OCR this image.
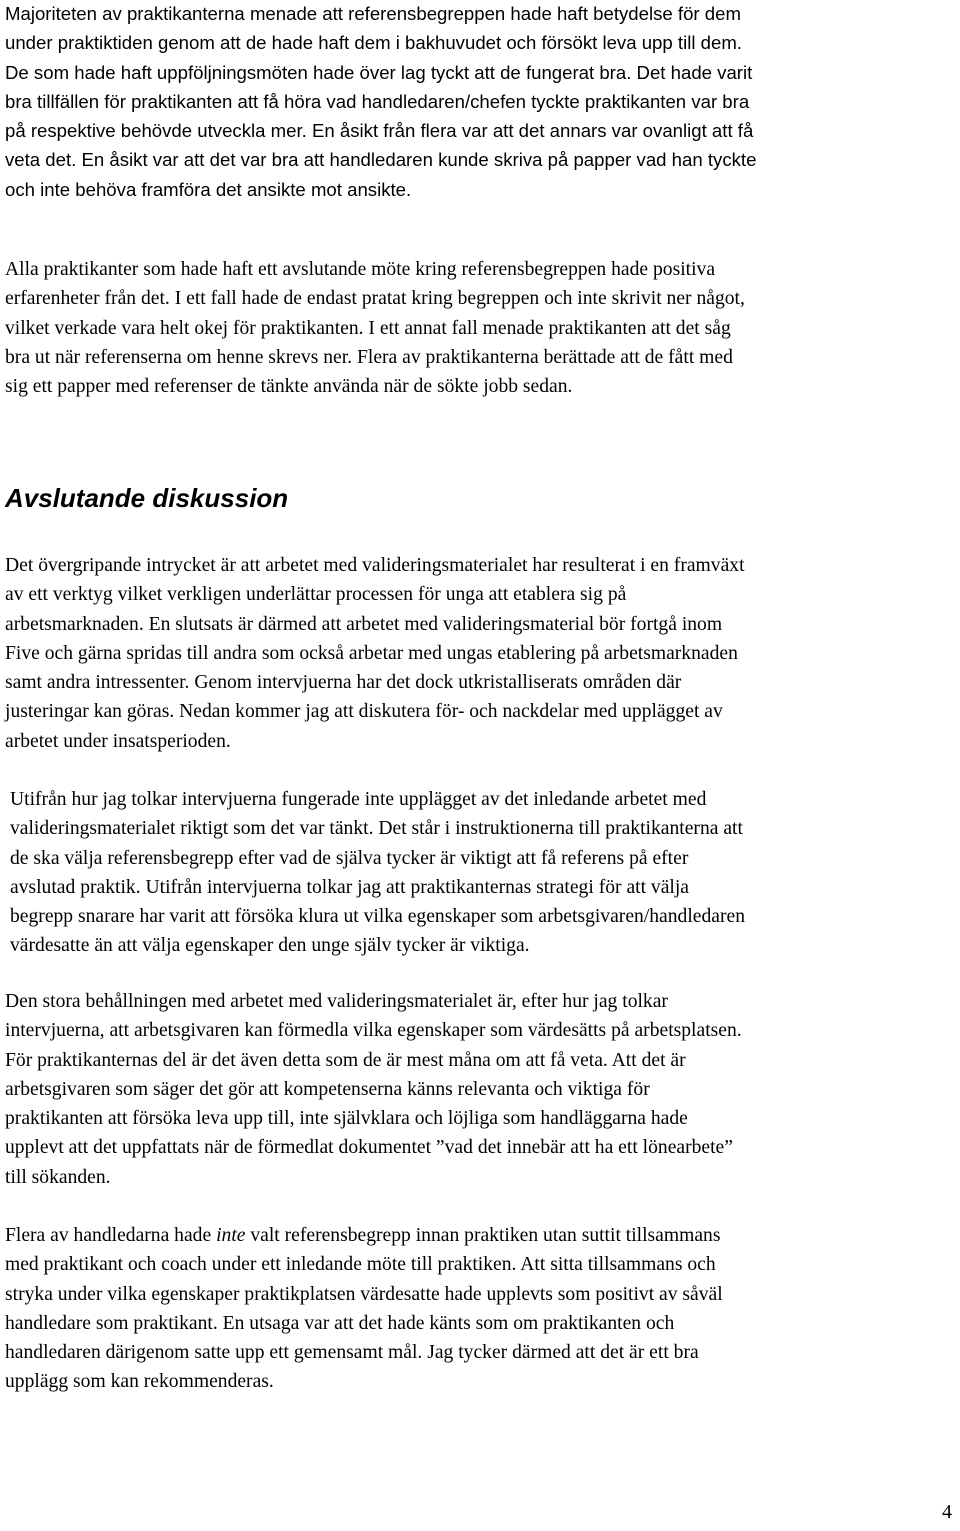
Majoriteten av praktikanterna menade att referensbegreppen hade haft betydelse för dem
under praktiktiden genom att de hade haft dem i bakhuvudet och försökt leva upp till dem.
De som hade haft uppföljningsmöten hade över lag tyckt att de fungerat bra. Det hade varit
bra tillfällen för praktikanten att få höra vad handledaren/chefen tyckte praktikanten var bra
på respektive behövde utveckla mer. En åsikt från flera var att det annars var ovanligt att få
veta det. En åsikt var att det var bra att handledaren kunde skriva på papper vad han tyckte
och inte behöva framföra det ansikte mot ansikte.

Alla praktikanter som hade haft ett avslutande möte kring referensbegreppen hade positiva
erfarenheter från det. I ett fall hade de endast pratat kring begreppen och inte skrivit ner något,
vilket verkade vara helt okej för praktikanten. I ett annat fall menade praktikanten att det såg
bra ut när referenserna om henne skrevs ner. Flera av praktikanterna berättade att de fått med
sig ett papper med referenser de tänkte använda när de sökte jobb sedan.

Avslutande diskussion

Det övergripande intrycket är att arbetet med valideringsmaterialet har resulterat i en framväxt
av ett verktyg vilket verkligen underlättar processen för unga att etablera sig på
arbetsmarknaden. En slutsats är därmed att arbetet med valideringsmaterial bör fortgå inom
Five och gärna spridas till andra som också arbetar med ungas etablering på arbetsmarknaden
samt andra intressenter. Genom intervjuerna har det dock utkristalliserats områden där
justeringar kan göras. Nedan kommer jag att diskutera för- och nackdelar med upplägget av
arbetet under insatsperioden.

Utifrån hur jag tolkar intervjuerna fungerade inte upplägget av det inledande arbetet med
valideringsmaterialet riktigt som det var tänkt. Det står i instruktionerna till praktikanterna att
de ska välja referensbegrepp efter vad de själva tycker är viktigt att få referens på efter
avslutad praktik. Utifrån intervjuerna tolkar jag att praktikanternas strategi för att välja
begrepp snarare har varit att försöka klura ut vilka egenskaper som arbetsgivaren/handledaren
värdesatte än att välja egenskaper den unge själv tycker är viktiga.

Den stora behållningen med arbetet med valideringsmaterialet är, efter hur jag tolkar
intervjuerna, att arbetsgivaren kan förmedla vilka egenskaper som värdesätts på arbetsplatsen.
För praktikanternas del är det även detta som de är mest måna om att få veta. Att det är
arbetsgivaren som säger det gör att kompetenserna känns relevanta och viktiga för
praktikanten att försöka leva upp till, inte självklara och löjliga som handläggarna hade
upplevt att det uppfattats när de förmedlat dokumentet ”vad det innebär att ha ett lönearbete”
till sökanden.

Flera av handledarna hade inte valt referensbegrepp innan praktiken utan suttit tillsammans
med praktikant och coach under ett inledande möte till praktiken. Att sitta tillsammans och
stryka under vilka egenskaper praktikplatsen värdesatte hade upplevts som positivt av såväl
handledare som praktikant. En utsaga var att det hade känts som om praktikanten och
handledaren därigenom satte upp ett gemensamt mål. Jag tycker därmed att det är ett bra
upplägg som kan rekommenderas.

4
